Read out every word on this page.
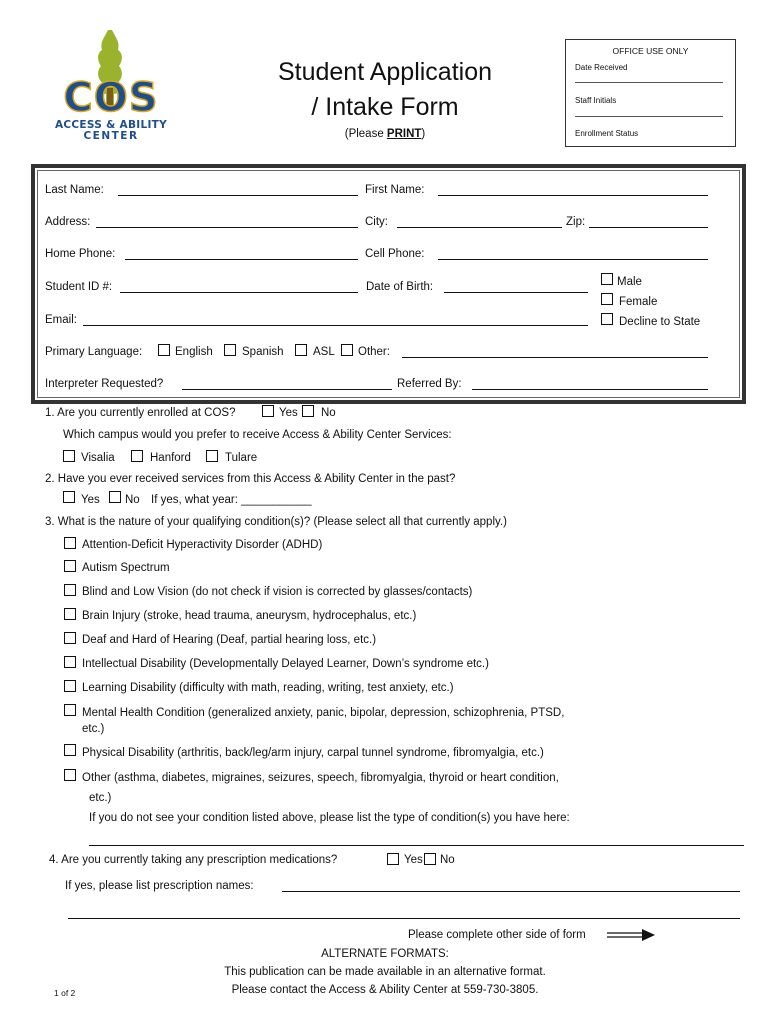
COS
ACCESS & ABILITY
CENTER
Student Application
/ Intake Form
(Please PRINT)
OFFICE USE ONLY
Date Received
Staff Initials
Enrollment Status
Last Name:	First Name:
Address:	City:	Zip:
Home Phone:	Cell Phone:
Student ID #:	Date of Birth:	Male
Female
Decline to State
Email:
Primary Language:	English	Spanish	ASL Other:
Interpreter Requested?	Referred By:
1. Are you currently enrolled at COS?	Yes No
Which campus would you prefer to receive Access & Ability Center Services:
Visalia	Hanford	Tulare
2. Have you ever received services from this Access & Ability Center in the past?
Yes No If yes, what year: ___________
3. What is the nature of your qualifying condition(s)? (Please select all that currently apply.)
Attention-Deficit Hyperactivity Disorder (ADHD)
Autism Spectrum
Blind and Low Vision (do not check if vision is corrected by glasses/contacts)
Brain Injury (stroke, head trauma, aneurysm, hydrocephalus, etc.)
Deaf and Hard of Hearing (Deaf, partial hearing loss, etc.)
Intellectual Disability (Developmentally Delayed Learner, Down’s syndrome etc.)
Learning Disability (difficulty with math, reading, writing, test anxiety, etc.)
Mental Health Condition (generalized anxiety, panic, bipolar, depression, schizophrenia, PTSD,
etc.)
Physical Disability (arthritis, back/leg/arm injury, carpal tunnel syndrome, fibromyalgia, etc.)
Other (asthma, diabetes, migraines, seizures, speech, fibromyalgia, thyroid or heart condition,
etc.)
If you do not see your condition listed above, please list the type of condition(s) you have here:
4. Are you currently taking any prescription medications?	Yes No
If yes, please list prescription names:
Please complete other side of form
ALTERNATE FORMATS:
This publication can be made available in an alternative format.
Please contact the Access & Ability Center at 559-730-3805.
1 of 2
